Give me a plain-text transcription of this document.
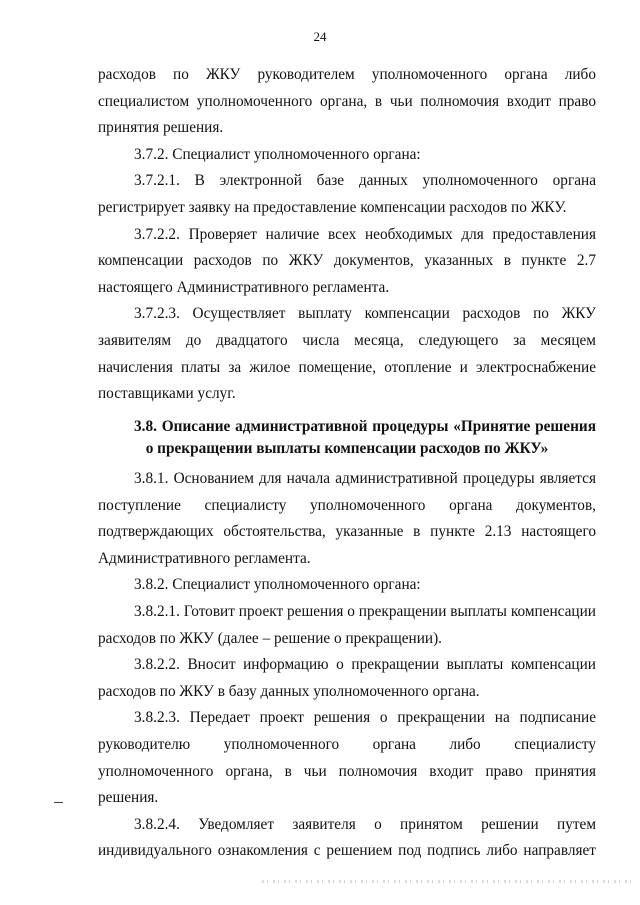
24

расходов по ЖКУ руководителем уполномоченного органа либо специалистом уполномоченного органа, в чьи полномочия входит право принятия решения.

3.7.2. Специалист уполномоченного органа:

3.7.2.1. В электронной базе данных уполномоченного органа регистрирует заявку на предоставление компенсации расходов по ЖКУ.

3.7.2.2. Проверяет наличие всех необходимых для предоставления компенсации расходов по ЖКУ документов, указанных в пункте 2.7 настоящего Административного регламента.

3.7.2.3. Осуществляет выплату компенсации расходов по ЖКУ заявителям до двадцатого числа месяца, следующего за месяцем начисления платы за жилое помещение, отопление и электроснабжение поставщиками услуг.

3.8. Описание административной процедуры «Принятие решения
о прекращении выплаты компенсации расходов по ЖКУ»

3.8.1. Основанием для начала административной процедуры является поступление специалисту уполномоченного органа документов, подтверждающих обстоятельства, указанные в пункте 2.13 настоящего Административного регламента.

3.8.2. Специалист уполномоченного органа:

3.8.2.1. Готовит проект решения о прекращении выплаты компенсации расходов по ЖКУ (далее – решение о прекращении).

3.8.2.2. Вносит информацию о прекращении выплаты компенсации расходов по ЖКУ в базу данных уполномоченного органа.

3.8.2.3. Передает проект решения о прекращении на подписание руководителю уполномоченного органа либо специалисту уполномоченного органа, в чьи полномочия входит право принятия решения.

3.8.2.4. Уведомляет заявителя о принятом решении путем индивидуального ознакомления с решением под подпись либо направляет
